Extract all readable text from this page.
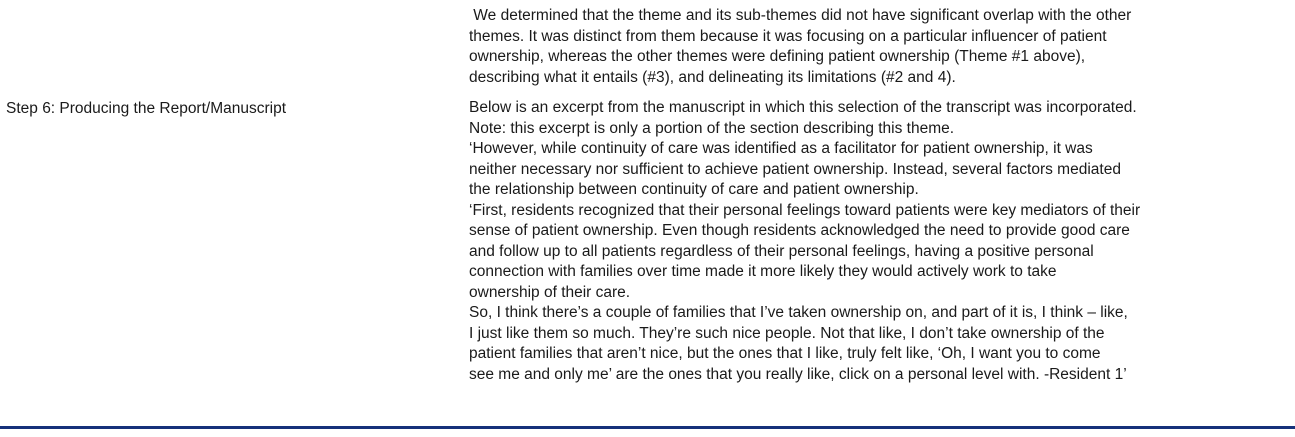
We determined that the theme and its sub-themes did not have significant overlap with the other
themes. It was distinct from them because it was focusing on a particular influencer of patient
ownership, whereas the other themes were defining patient ownership (Theme #1 above),
describing what it entails (#3), and delineating its limitations (#2 and 4).
Step 6: Producing the Report/Manuscript	Below is an excerpt from the manuscript in which this selection of the transcript was incorporated.
Note: this excerpt is only a portion of the section describing this theme.
‘However, while continuity of care was identified as a facilitator for patient ownership, it was
neither necessary nor sufficient to achieve patient ownership. Instead, several factors mediated
the relationship between continuity of care and patient ownership.
‘First, residents recognized that their personal feelings toward patients were key mediators of their
sense of patient ownership. Even though residents acknowledged the need to provide good care
and follow up to all patients regardless of their personal feelings, having a positive personal
connection with families over time made it more likely they would actively work to take
ownership of their care.
So, I think there’s a couple of families that I’ve taken ownership on, and part of it is, I think – like,
I just like them so much. They’re such nice people. Not that like, I don’t take ownership of the
patient families that aren’t nice, but the ones that I like, truly felt like, ‘Oh, I want you to come
see me and only me’ are the ones that you really like, click on a personal level with. -Resident 1’
